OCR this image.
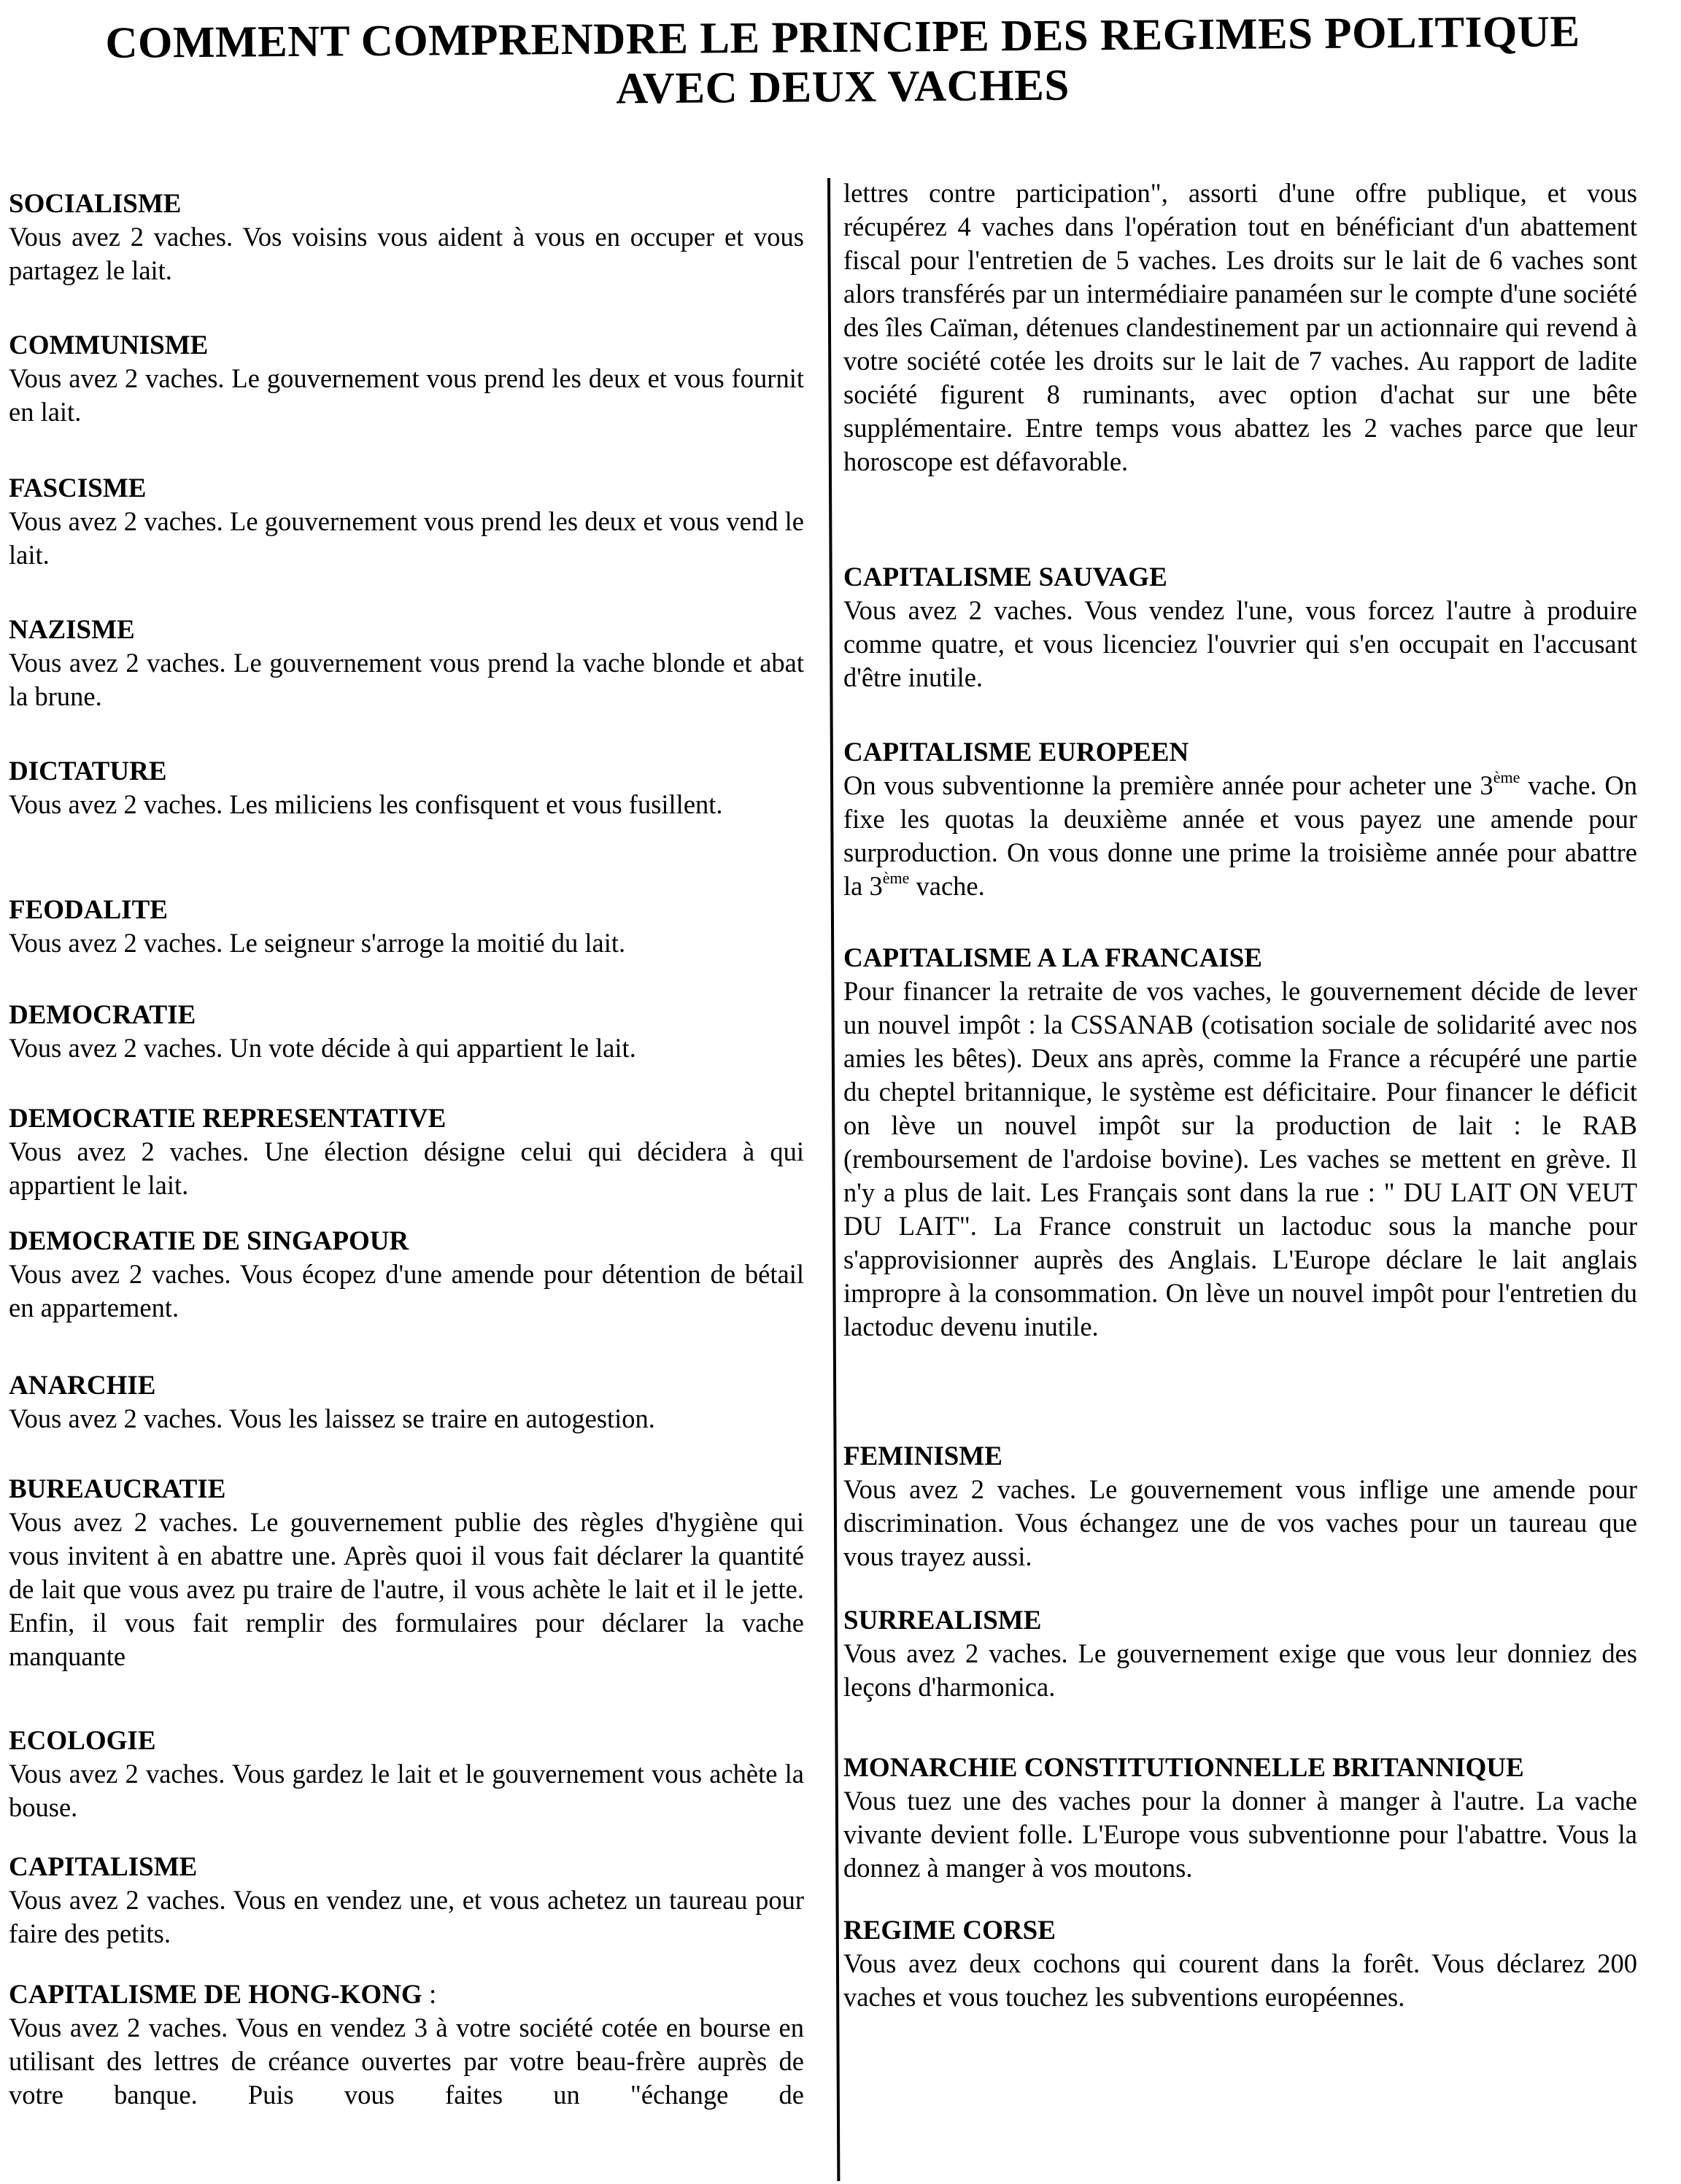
COMMENT COMPRENDRE LE PRINCIPE DES REGIMES POLITIQUE
AVEC DEUX VACHES

SOCIALISME

Vous avez 2 vaches. Vos voisins vous aident à vous en occuper et vous partagez le lait.

COMMUNISME

Vous avez 2 vaches. Le gouvernement vous prend les deux et vous fournit en lait.

FASCISME

Vous avez 2 vaches. Le gouvernement vous prend les deux et vous vend le lait.

NAZISME

Vous avez 2 vaches. Le gouvernement vous prend la vache blonde et abat la brune.

DICTATURE

Vous avez 2 vaches. Les miliciens les confisquent et vous fusillent.

FEODALITE

Vous avez 2 vaches. Le seigneur s'arroge la moitié du lait.

DEMOCRATIE

Vous avez 2 vaches. Un vote décide à qui appartient le lait.

DEMOCRATIE REPRESENTATIVE

Vous avez 2 vaches. Une élection désigne celui qui décidera à qui appartient le lait.

DEMOCRATIE DE SINGAPOUR

Vous avez 2 vaches. Vous écopez d'une amende pour détention de bétail en appartement.

ANARCHIE

Vous avez 2 vaches. Vous les laissez se traire en autogestion.

BUREAUCRATIE

Vous avez 2 vaches. Le gouvernement publie des règles d'hygiène qui vous invitent à en abattre une. Après quoi il vous fait déclarer la quantité de lait que vous avez pu traire de l'autre, il vous achète le lait et il le jette. Enfin, il vous fait remplir des formulaires pour déclarer la vache manquante

ECOLOGIE

Vous avez 2 vaches. Vous gardez le lait et le gouvernement vous achète la bouse.

CAPITALISME

Vous avez 2 vaches. Vous en vendez une, et vous achetez un taureau pour faire des petits.

CAPITALISME DE HONG-KONG :

Vous avez 2 vaches. Vous en vendez 3 à votre société cotée en bourse en utilisant des lettres de créance ouvertes par votre beau-frère auprès de votre banque. Puis vous faites un "échange de

lettres contre participation", assorti d'une offre publique, et vous récupérez 4 vaches dans l'opération tout en bénéficiant d'un abattement fiscal pour l'entretien de 5 vaches. Les droits sur le lait de 6 vaches sont alors transférés par un intermédiaire panaméen sur le compte d'une société des îles Caïman, détenues clandestinement par un actionnaire qui revend à votre société cotée les droits sur le lait de 7 vaches. Au rapport de ladite société figurent 8 ruminants, avec option d'achat sur une bête supplémentaire. Entre temps vous abattez les 2 vaches parce que leur horoscope est défavorable.

CAPITALISME SAUVAGE

Vous avez 2 vaches. Vous vendez l'une, vous forcez l'autre à produire comme quatre, et vous licenciez l'ouvrier qui s'en occupait en l'accusant d'être inutile.

CAPITALISME EUROPEEN

On vous subventionne la première année pour acheter une 3ème vache. On fixe les quotas la deuxième année et vous payez une amende pour surproduction. On vous donne une prime la troisième année pour abattre la 3ème vache.

CAPITALISME A LA FRANCAISE

Pour financer la retraite de vos vaches, le gouvernement décide de lever un nouvel impôt : la CSSANAB (cotisation sociale de solidarité avec nos amies les bêtes). Deux ans après, comme la France a récupéré une partie du cheptel britannique, le système est déficitaire. Pour financer le déficit on lève un nouvel impôt sur la production de lait : le RAB (remboursement de l'ardoise bovine). Les vaches se mettent en grève. Il n'y a plus de lait. Les Français sont dans la rue : " DU LAIT ON VEUT DU LAIT". La France construit un lactoduc sous la manche pour s'approvisionner auprès des Anglais. L'Europe déclare le lait anglais impropre à la consommation. On lève un nouvel impôt pour l'entretien du lactoduc devenu inutile.

FEMINISME

Vous avez 2 vaches. Le gouvernement vous inflige une amende pour discrimination. Vous échangez une de vos vaches pour un taureau que vous trayez aussi.

SURREALISME

Vous avez 2 vaches. Le gouvernement exige que vous leur donniez des leçons d'harmonica.

MONARCHIE CONSTITUTIONNELLE BRITANNIQUE

Vous tuez une des vaches pour la donner à manger à l'autre. La vache vivante devient folle. L'Europe vous subventionne pour l'abattre. Vous la donnez à manger à vos moutons.

REGIME CORSE

Vous avez deux cochons qui courent dans la forêt. Vous déclarez 200 vaches et vous touchez les subventions européennes.
